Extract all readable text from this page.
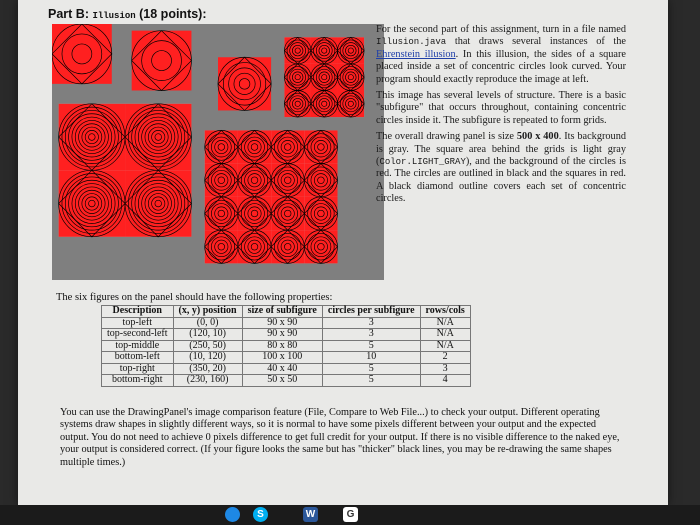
Part B: Illusion (18 points):

For the second part of this assignment, turn in a file named Illusion.java that draws several instances of the Ehrenstein illusion. In this illusion, the sides of a square placed inside a set of concentric circles look curved. Your program should exactly reproduce the image at left.

This image has several levels of structure. There is a basic "subfigure" that occurs throughout, containing concentric circles inside it. The subfigure is repeated to form grids.

The overall drawing panel is size 500 x 400. Its background is gray. The square area behind the grids is light gray (Color.LIGHT_GRAY), and the background of the circles is red. The circles are outlined in black and the squares in red. A black diamond outline covers each set of concentric circles.

The six figures on the panel should have the following properties:
Description	(x, y) position	size of subfigure	circles per subfigure	rows/cols
top-left	(0, 0)	90 x 90	3	N/A
top-second-left	(120, 10)	90 x 90	3	N/A
top-middle	(250, 50)	80 x 80	5	N/A
bottom-left	(10, 120)	100 x 100	10	2
top-right	(350, 20)	40 x 40	5	3
bottom-right	(230, 160)	50 x 50	5	4
You can use the DrawingPanel's image comparison feature (File, Compare to Web File...) to check your output. Different operating systems draw shapes in slightly different ways, so it is normal to have some pixels different between your output and the expected output. You do not need to achieve 0 pixels difference to get full credit for your output. If there is no visible difference to the naked eye, your output is considered correct. (If your figure looks the same but has "thicker" black lines, you may be re-drawing the same shapes multiple times.)
S	W	G
